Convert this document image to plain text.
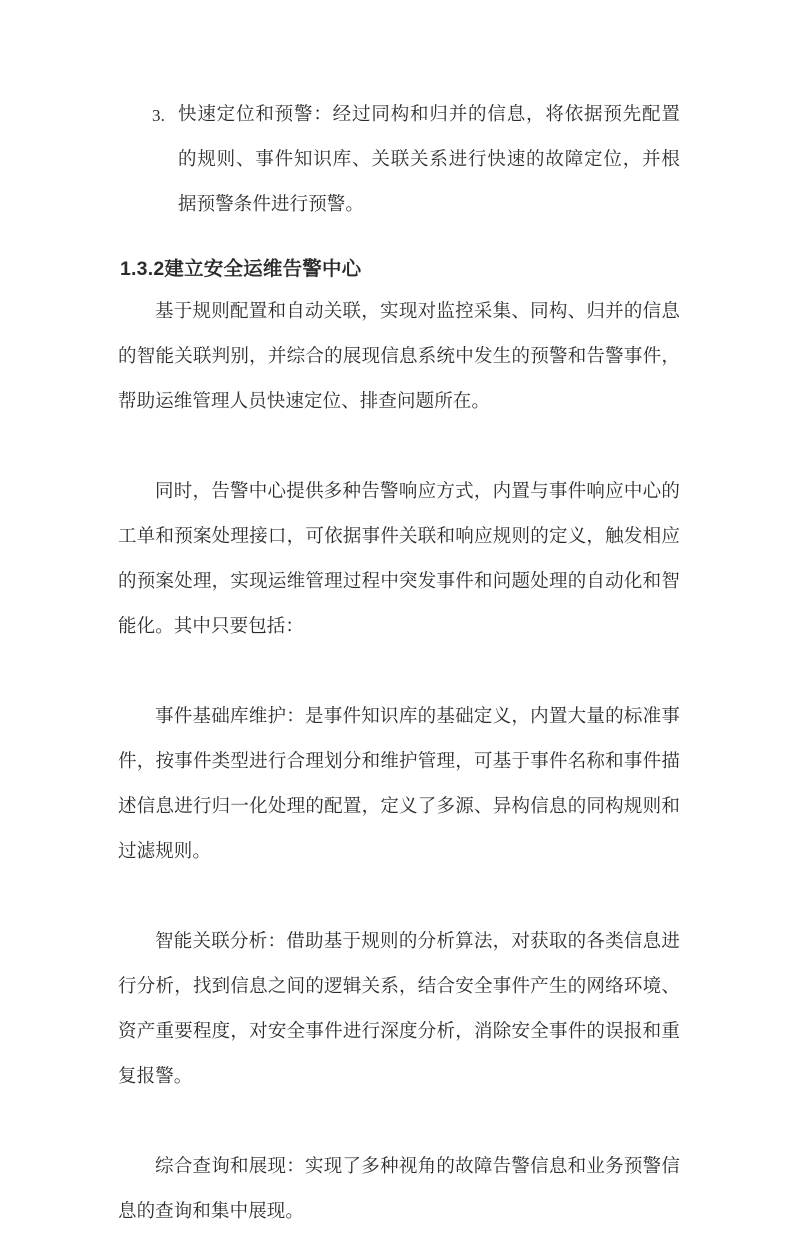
3. 快速定位和预警：经过同构和归并的信息，将依据预先配置的规则、事件知识库、关联关系进行快速的故障定位，并根据预警条件进行预警。
1.3.2建立安全运维告警中心

基于规则配置和自动关联，实现对监控采集、同构、归并的信息的智能关联判别，并综合的展现信息系统中发生的预警和告警事件，帮助运维管理人员快速定位、排查问题所在。

同时，告警中心提供多种告警响应方式，内置与事件响应中心的工单和预案处理接口，可依据事件关联和响应规则的定义，触发相应的预案处理，实现运维管理过程中突发事件和问题处理的自动化和智能化。其中只要包括：

事件基础库维护：是事件知识库的基础定义，内置大量的标准事件，按事件类型进行合理划分和维护管理，可基于事件名称和事件描述信息进行归一化处理的配置，定义了多源、异构信息的同构规则和过滤规则。

智能关联分析：借助基于规则的分析算法，对获取的各类信息进行分析，找到信息之间的逻辑关系，结合安全事件产生的网络环境、资产重要程度，对安全事件进行深度分析，消除安全事件的误报和重复报警。

综合查询和展现：实现了多种视角的故障告警信息和业务预警信息的查询和集中展现。
